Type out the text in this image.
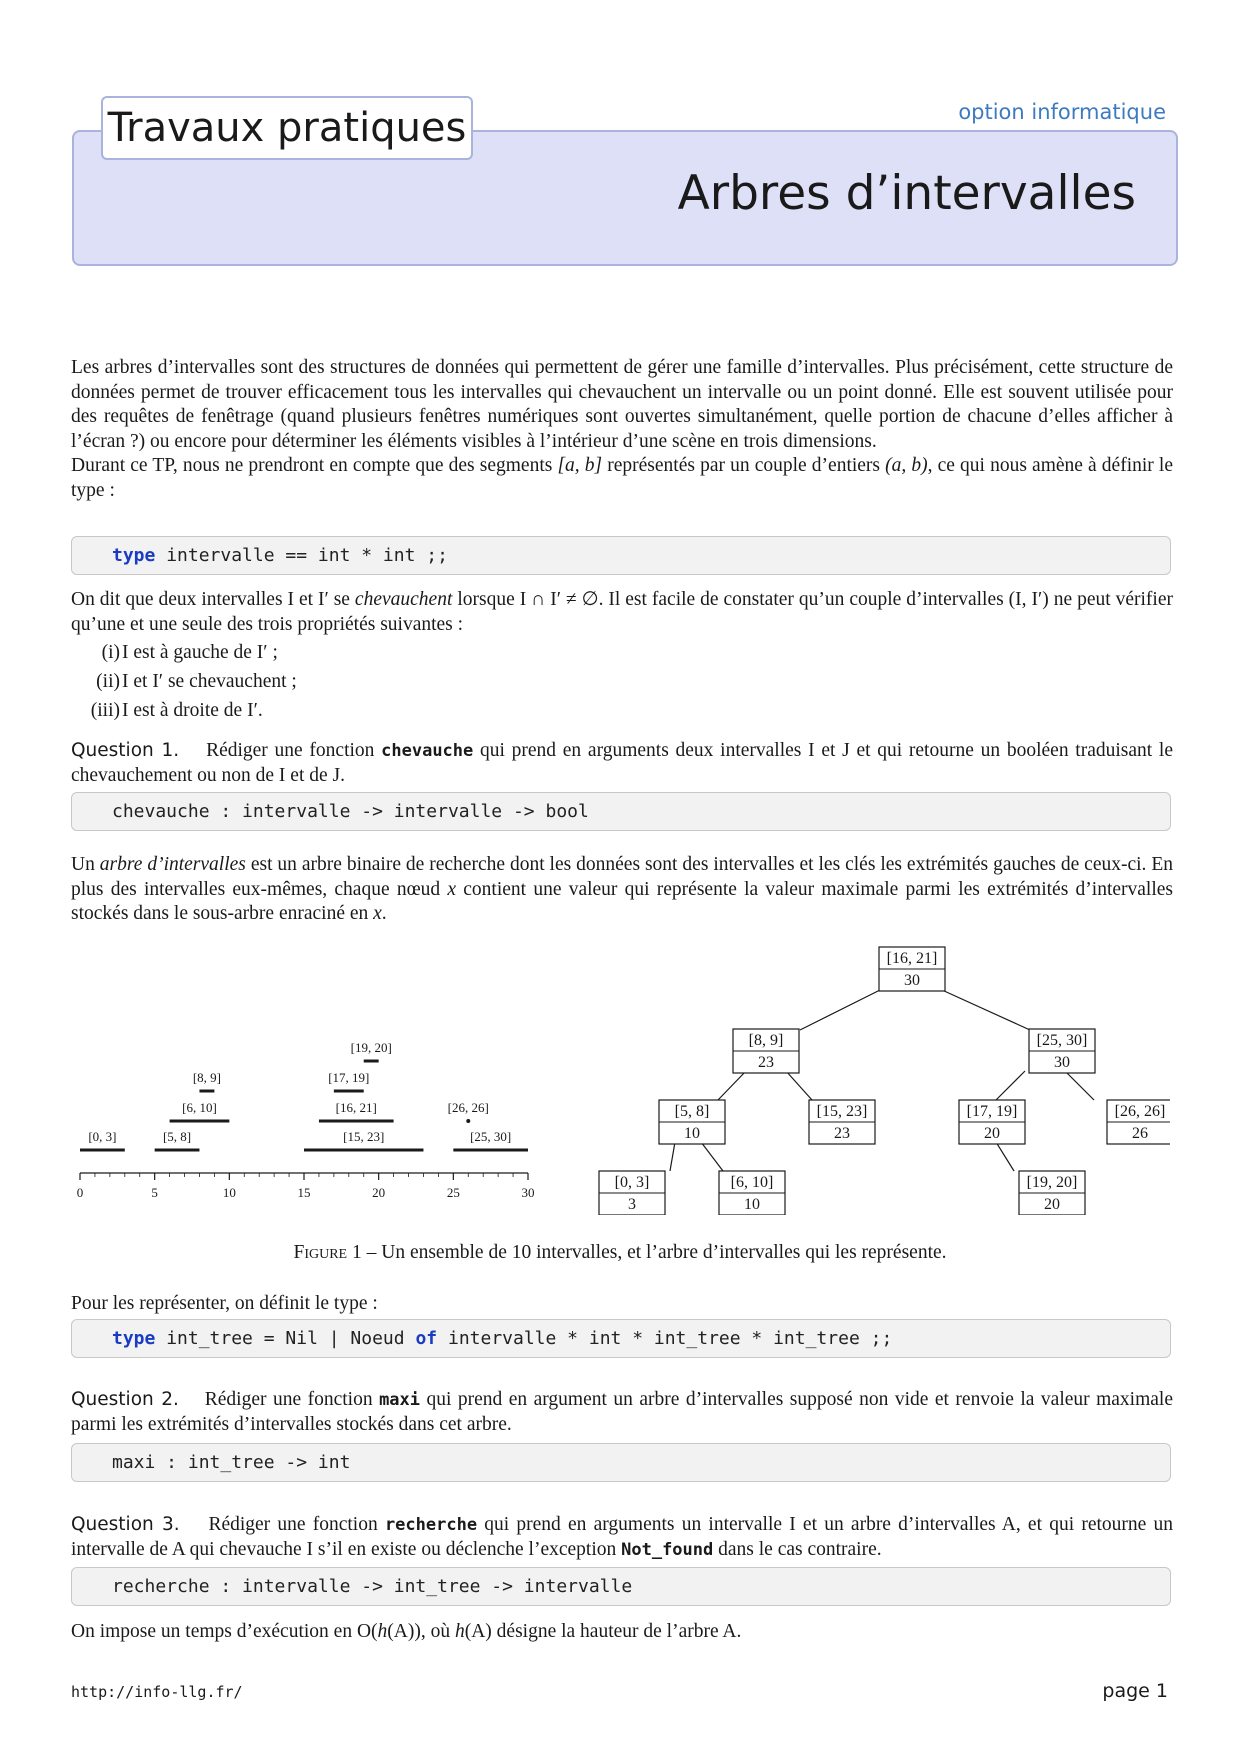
Travaux pratiques	option informatique
Arbres d’intervalles
Les arbres d’intervalles sont des structures de données qui permettent de gérer une famille d’intervalles. Plus précisément, cette structure de données permet de trouver efficacement tous les intervalles qui chevauchent un intervalle ou un point donné. Elle est souvent utilisée pour des requêtes de fenêtrage (quand plusieurs fenêtres numériques sont ouvertes simultanément, quelle portion de chacune d’elles afficher à l’écran ?) ou encore pour déterminer les éléments visibles à l’intérieur d’une scène en trois dimensions.
Durant ce TP, nous ne prendront en compte que des segments [a, b] représentés par un couple d’entiers (a, b), ce qui nous amène à définir le type :
type intervalle == int * int ;;
On dit que deux intervalles I et I′ se chevauchent lorsque I ∩ I′ ≠ ∅. Il est facile de constater qu’un couple d’intervalles (I, I′) ne peut vérifier qu’une et une seule des trois propriétés suivantes :
(i) I est à gauche de I′ ;
(ii) I et I′ se chevauchent ;
(iii) I est à droite de I′.
Question 1. Rédiger une fonction chevauche qui prend en arguments deux intervalles I et J et qui retourne un booléen traduisant le chevauchement ou non de I et de J.
chevauche : intervalle -> intervalle -> bool
Un arbre d’intervalles est un arbre binaire de recherche dont les données sont des intervalles et les clés les extrémités gauches de ceux-ci. En plus des intervalles eux-mêmes, chaque nœud x contient une valeur qui représente la valeur maximale parmi les extrémités d’intervalles stockés dans le sous-arbre enraciné en x.
0	5	10	15	20	25	30
[0, 3]	[5, 8]
[6, 10]
[8, 9]
[15, 23]
[16, 21]
[17, 19]
[19, 20]
[25, 30]
[26, 26]
[16, 21]
30
[8, 9]
23
[25, 30]
30
[5, 8]
10
[15, 23]
23
[17, 19]
20
[26, 26]
26
[0, 3]
3
[6, 10]
10
[19, 20]
20
Figure 1 – Un ensemble de 10 intervalles, et l’arbre d’intervalles qui les représente.
Pour les représenter, on définit le type :
type int_tree = Nil | Noeud of intervalle * int * int_tree * int_tree ;;
Question 2. Rédiger une fonction maxi qui prend en argument un arbre d’intervalles supposé non vide et renvoie la valeur maximale parmi les extrémités d’intervalles stockés dans cet arbre.
maxi : int_tree -> int
Question 3. Rédiger une fonction recherche qui prend en arguments un intervalle I et un arbre d’intervalles A, et qui retourne un intervalle de A qui chevauche I s’il en existe ou déclenche l’exception Not_found dans le cas contraire.
recherche : intervalle -> int_tree -> intervalle
On impose un temps d’exécution en O(h(A)), où h(A) désigne la hauteur de l’arbre A.
http://info-llg.fr/	page 1
